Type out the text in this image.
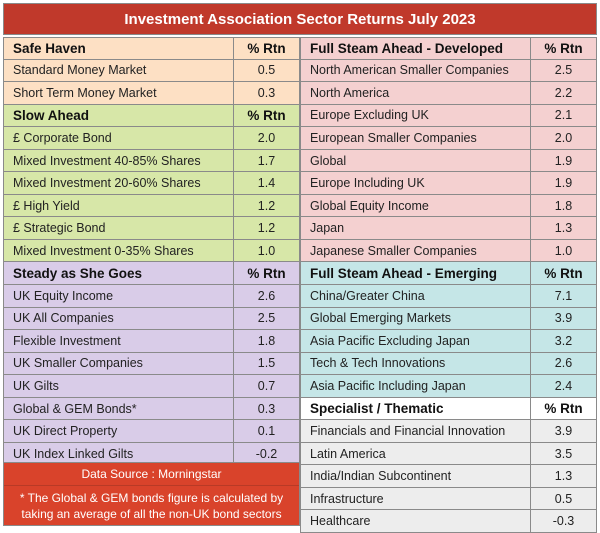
Investment Association Sector Returns July 2023
Safe Haven	% Rtn
Standard Money Market	0.5
Short Term Money Market	0.3
Slow Ahead	% Rtn
£ Corporate Bond	2.0
Mixed Investment 40-85% Shares	1.7
Mixed Investment 20-60% Shares	1.4
£ High Yield	1.2
£ Strategic Bond	1.2
Mixed Investment 0-35% Shares	1.0
Steady as She Goes	% Rtn
UK Equity Income	2.6
UK All Companies	2.5
Flexible Investment	1.8
UK Smaller Companies	1.5
UK Gilts	0.7
Global & GEM Bonds*	0.3
UK Direct Property	0.1
UK Index Linked Gilts	-0.2
Full Steam Ahead - Developed	% Rtn
North American Smaller Companies	2.5
North America	2.2
Europe Excluding UK	2.1
European Smaller Companies	2.0
Global	1.9
Europe Including UK	1.9
Global Equity Income	1.8
Japan	1.3
Japanese Smaller Companies	1.0
Full Steam Ahead - Emerging	% Rtn
China/Greater China	7.1
Global Emerging Markets	3.9
Asia Pacific Excluding Japan	3.2
Tech & Tech Innovations	2.6
Asia Pacific Including Japan	2.4
Specialist / Thematic	% Rtn
Financials and Financial Innovation	3.9
Latin America	3.5
India/Indian Subcontinent	1.3
Infrastructure	0.5
Healthcare	-0.3
Data Source : Morningstar
* The Global & GEM bonds figure is calculated by taking an average of all the non-UK bond sectors
